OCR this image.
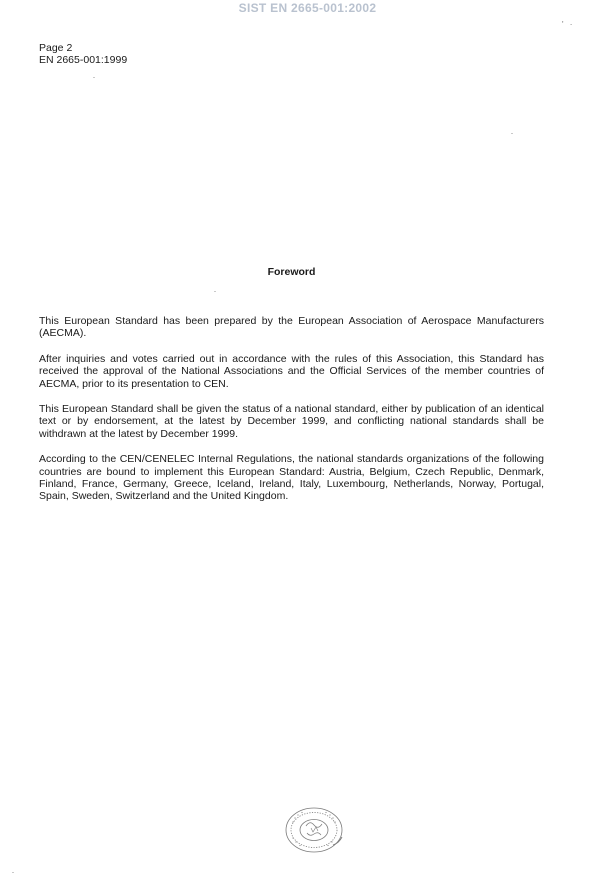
SIST EN 2665-001:2002
' ·
Page 2
EN 2665-001:1999
Foreword

This European Standard has been prepared by the European Association of Aerospace Manufacturers (AECMA).

After inquiries and votes carried out in accordance with the rules of this Association, this Standard has received the approval of the National Associations and the Official Services of the member countries of AECMA, prior to its presentation to CEN.

This European Standard shall be given the status of a national standard, either by publication of an identical text or by endorsement, at the latest by December 1999, and conflicting national standards shall be withdrawn at the latest by December 1999.

According to the CEN/CENELEC Internal Regulations, the national standards organizations of the following countries are bound to implement this European Standard: Austria, Belgium, Czech Republic, Denmark, Finland, France, Germany, Greece, Iceland, Ireland, Italy, Luxembourg, Netherlands, Norway, Portugal, Spain, Sweden, Switzerland and the United Kingdom.
